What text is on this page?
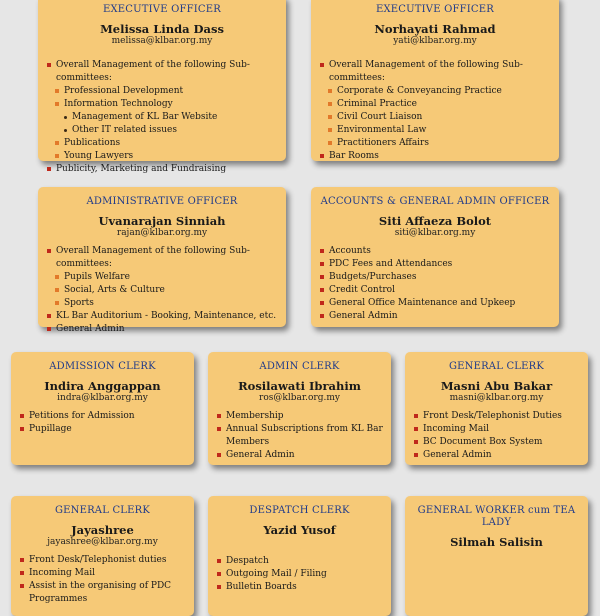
EXECUTIVE OFFICER
Melissa Linda Dass
melissa@klbar.org.my
Overall Management of the following Sub-committees:
Professional Development
Information Technology
Management of KL Bar Website
Other IT related issues
Publications
Young Lawyers
Publicity, Marketing and Fundraising
EXECUTIVE OFFICER
Norhayati Rahmad
yati@klbar.org.my
Overall Management of the following Sub-committees:
Corporate & Conveyancing Practice
Criminal Practice
Civil Court Liaison
Environmental Law
Practitioners Affairs
Bar Rooms
ADMINISTRATIVE OFFICER
Uvanarajan Sinniah
rajan@klbar.org.my
Overall Management of the following Sub-committees:
Pupils Welfare
Social, Arts & Culture
Sports
KL Bar Auditorium - Booking, Maintenance, etc.
General Admin
ACCOUNTS & GENERAL ADMIN OFFICER
Siti Affaeza Bolot
siti@klbar.org.my
Accounts
PDC Fees and Attendances
Budgets/Purchases
Credit Control
General Office Maintenance and Upkeep
General Admin
ADMISSION CLERK
Indira Anggappan
indra@klbar.org.my
Petitions for Admission
Pupillage
ADMIN CLERK
Rosilawati Ibrahim
ros@klbar.org.my
Membership
Annual Subscriptions from KL Bar Members
General Admin
GENERAL CLERK
Masni Abu Bakar
masni@klbar.org.my
Front Desk/Telephonist Duties
Incoming Mail
BC Document Box System
General Admin
GENERAL CLERK
Jayashree
jayashree@klbar.org.my
Front Desk/Telephonist duties
Incoming Mail
Assist in the organising of PDC Programmes
DESPATCH CLERK
Yazid Yusof
Despatch
Outgoing Mail / Filing
Bulletin Boards
GENERAL WORKER cum TEA LADY
Silmah Salisin
